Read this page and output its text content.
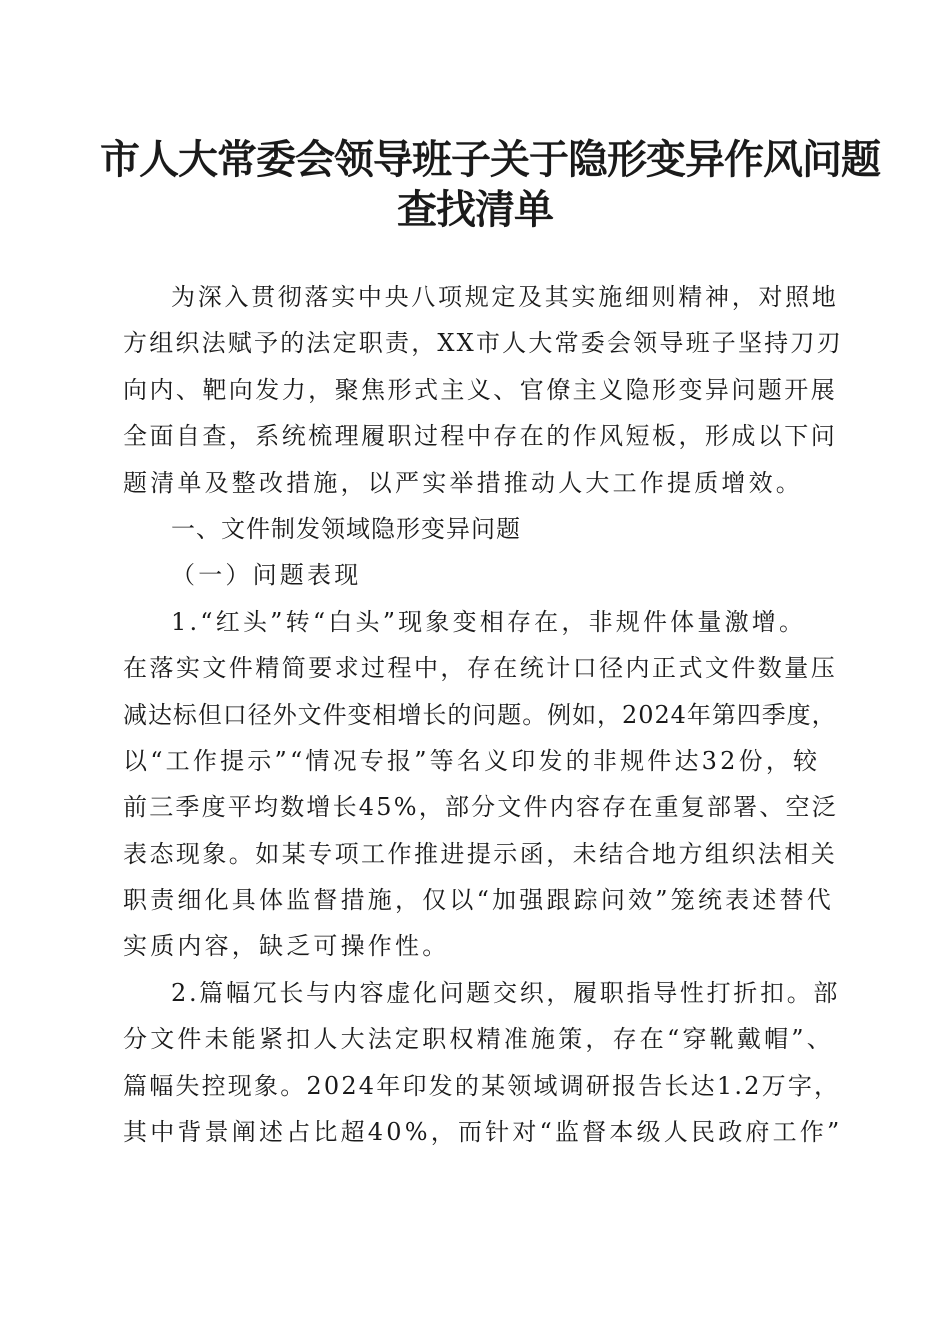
市人大常委会领导班子关于隐形变异作风问题
查找清单
为深入贯彻落实中央八项规定及其实施细则精神，对照地
方组织法赋予的法定职责，XX市人大常委会领导班子坚持刀刃
向内、靶向发力，聚焦形式主义、官僚主义隐形变异问题开展
全面自查，系统梳理履职过程中存在的作风短板，形成以下问
题清单及整改措施，以严实举措推动人大工作提质增效。
一、文件制发领域隐形变异问题
（一）问题表现
1.“红头”转“白头”现象变相存在，非规件体量激增。
在落实文件精简要求过程中，存在统计口径内正式文件数量压
减达标但口径外文件变相增长的问题。例如，2024年第四季度，
以“工作提示”“情况专报”等名义印发的非规件达32份，较
前三季度平均数增长45%，部分文件内容存在重复部署、空泛
表态现象。如某专项工作推进提示函，未结合地方组织法相关
职责细化具体监督措施，仅以“加强跟踪问效”笼统表述替代
实质内容，缺乏可操作性。
2.篇幅冗长与内容虚化问题交织，履职指导性打折扣。部
分文件未能紧扣人大法定职权精准施策，存在“穿靴戴帽”、
篇幅失控现象。2024年印发的某领域调研报告长达1.2万字，
其中背景阐述占比超40%，而针对“监督本级人民政府工作”
